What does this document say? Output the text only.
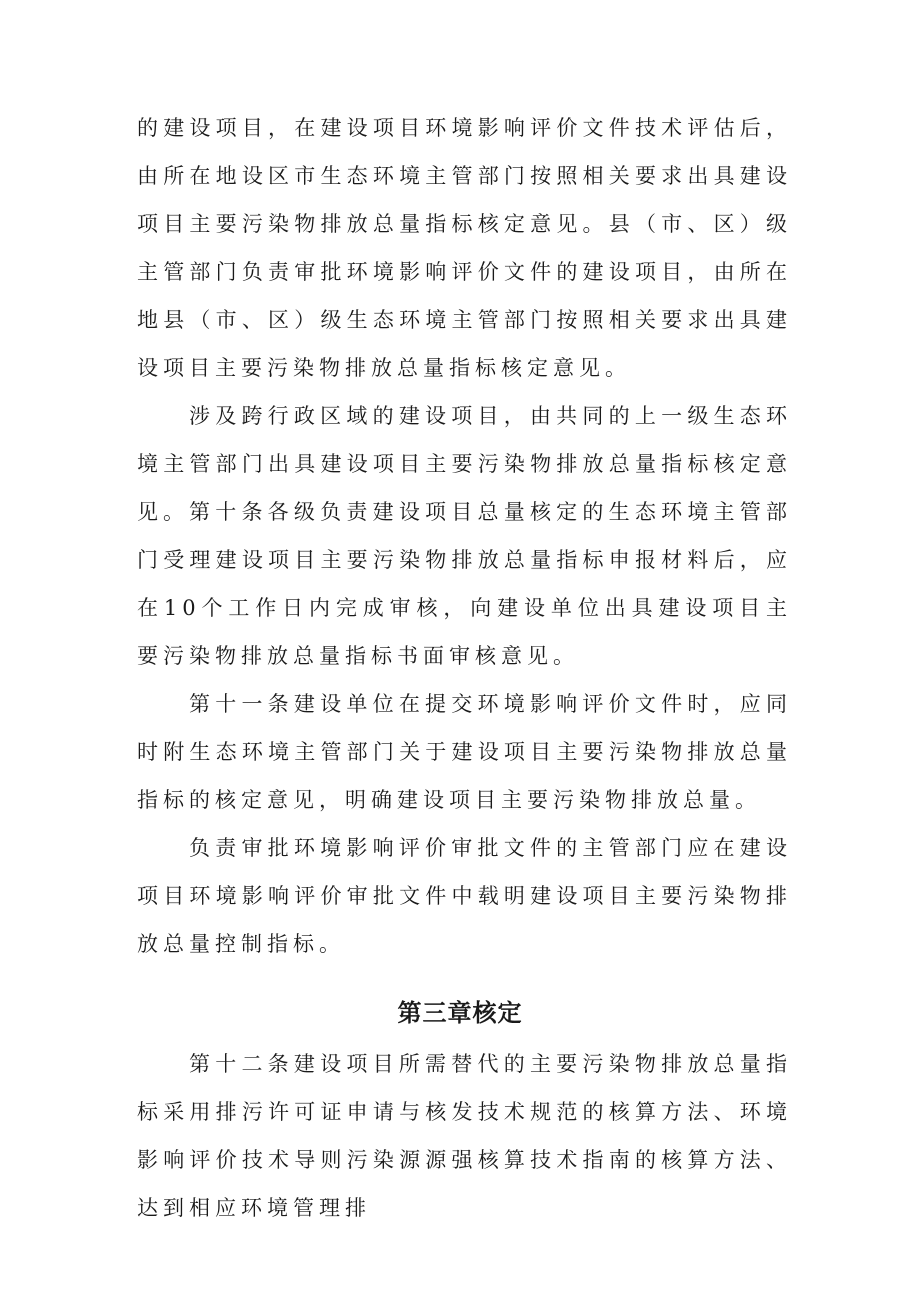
的建设项目，在建设项目环境影响评价文件技术评估后，由所在地设区市生态环境主管部门按照相关要求出具建设项目主要污染物排放总量指标核定意见。县（市、区）级主管部门负责审批环境影响评价文件的建设项目，由所在地县（市、区）级生态环境主管部门按照相关要求出具建设项目主要污染物排放总量指标核定意见。
涉及跨行政区域的建设项目，由共同的上一级生态环境主管部门出具建设项目主要污染物排放总量指标核定意见。 第十条各级负责建设项目总量核定的生态环境主管部门受理建设项目主要污染物排放总量指标申报材料后，应在10个工作日内完成审核，向建设单位出具建设项目主要污染物排放总量指标书面审核意见。
第十一条建设单位在提交环境影响评价文件时，应同时附生态环境主管部门关于建设项目主要污染物排放总量指标的核定意见，明确建设项目主要污染物排放总量。
负责审批环境影响评价审批文件的主管部门应在建设项目环境影响评价审批文件中载明建设项目主要污染物排放总量控制指标。
第三章核定
第十二条建设项目所需替代的主要污染物排放总量指标采用排污许可证申请与核发技术规范的核算方法、环境影响评价技术导则污染源源强核算技术指南的核算方法、达到相应环境管理排
